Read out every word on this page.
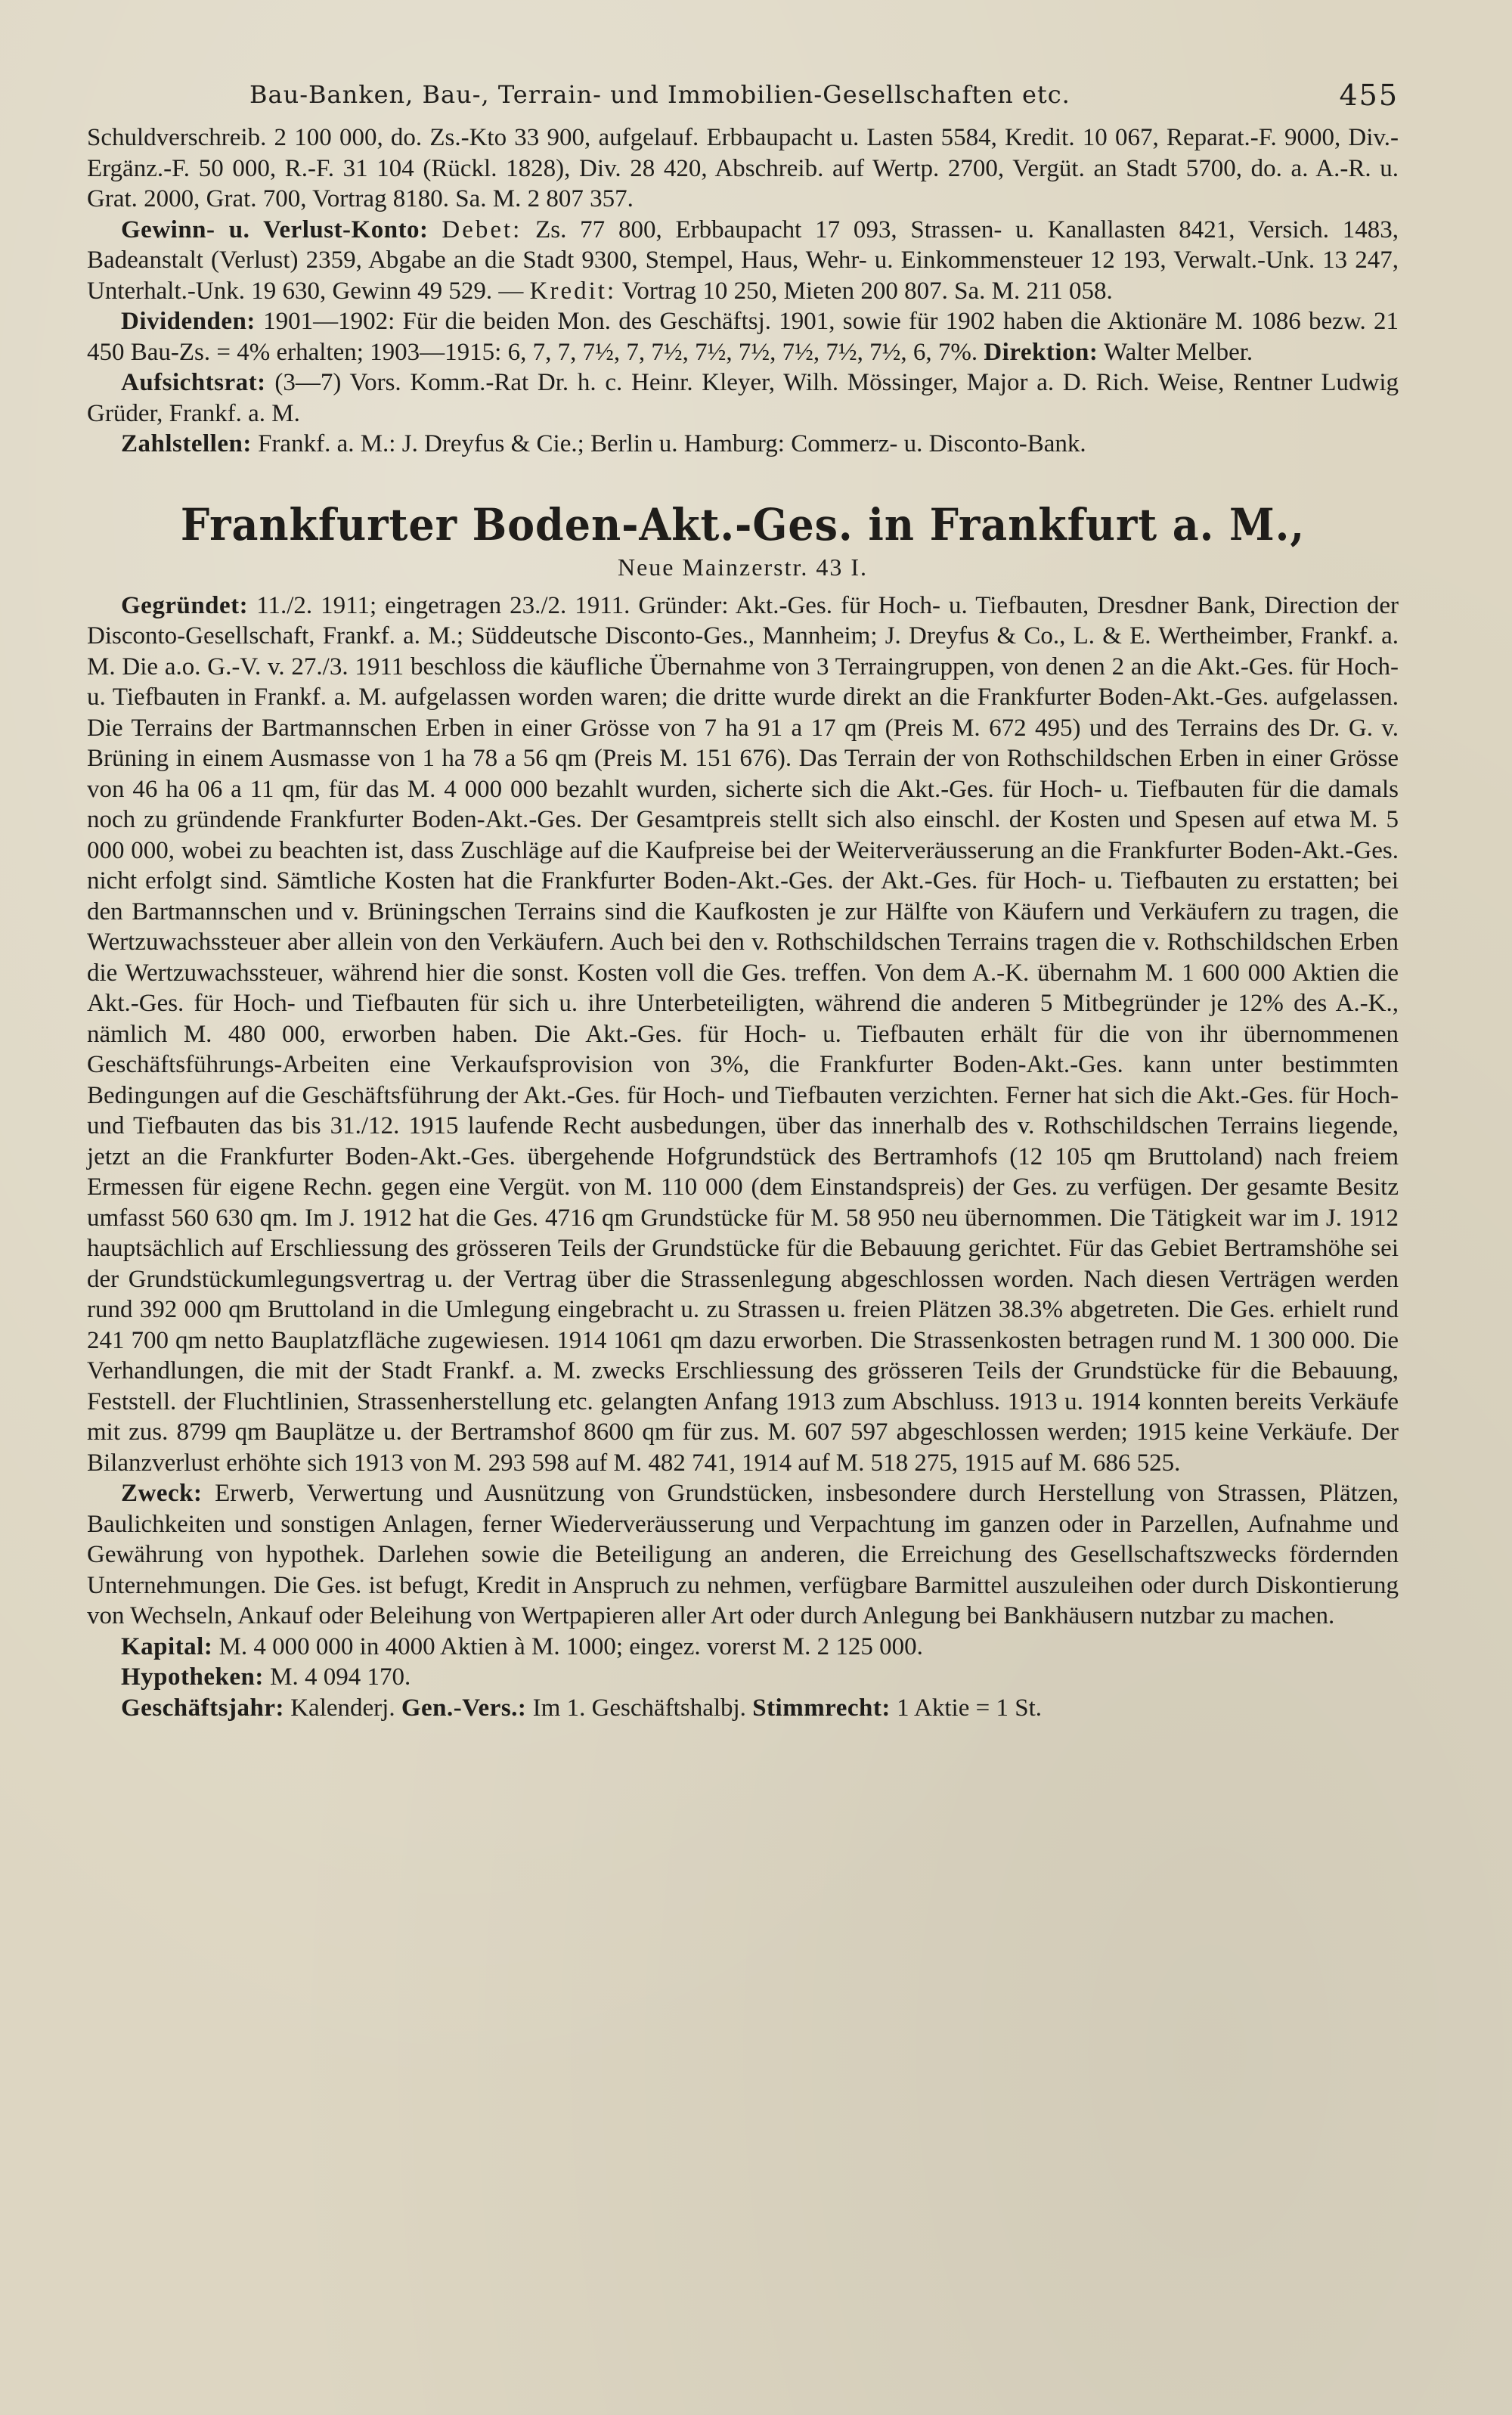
Bau-Banken, Bau-, Terrain- und Immobilien-Gesellschaften etc.	455

Schuldverschreib. 2 100 000, do. Zs.-Kto 33 900, aufgelauf. Erbbaupacht u. Lasten 5584, Kredit. 10 067, Reparat.-F. 9000, Div.-Ergänz.-F. 50 000, R.-F. 31 104 (Rückl. 1828), Div. 28 420, Abschreib. auf Wertp. 2700, Vergüt. an Stadt 5700, do. a. A.-R. u. Grat. 2000, Grat. 700, Vortrag 8180. Sa. M. 2 807 357.

Gewinn- u. Verlust-Konto: Debet: Zs. 77 800, Erbbaupacht 17 093, Strassen- u. Kanallasten 8421, Versich. 1483, Badeanstalt (Verlust) 2359, Abgabe an die Stadt 9300, Stempel, Haus, Wehr- u. Einkommensteuer 12 193, Verwalt.-Unk. 13 247, Unterhalt.-Unk. 19 630, Gewinn 49 529. — Kredit: Vortrag 10 250, Mieten 200 807. Sa. M. 211 058.

Dividenden: 1901—1902: Für die beiden Mon. des Geschäftsj. 1901, sowie für 1902 haben die Aktionäre M. 1086 bezw. 21 450 Bau-Zs. = 4% erhalten; 1903—1915: 6, 7, 7, 7½, 7, 7½, 7½, 7½, 7½, 7½, 7½, 6, 7%. Direktion: Walter Melber.

Aufsichtsrat: (3—7) Vors. Komm.-Rat Dr. h. c. Heinr. Kleyer, Wilh. Mössinger, Major a. D. Rich. Weise, Rentner Ludwig Grüder, Frankf. a. M.

Zahlstellen: Frankf. a. M.: J. Dreyfus & Cie.; Berlin u. Hamburg: Commerz- u. Disconto-Bank.

Frankfurter Boden-Akt.-Ges. in Frankfurt a. M.,
Neue Mainzerstr. 43 I.

Gegründet: 11./2. 1911; eingetragen 23./2. 1911. Gründer: Akt.-Ges. für Hoch- u. Tiefbauten, Dresdner Bank, Direction der Disconto-Gesellschaft, Frankf. a. M.; Süddeutsche Disconto-Ges., Mannheim; J. Dreyfus & Co., L. & E. Wertheimber, Frankf. a. M. Die a.o. G.-V. v. 27./3. 1911 beschloss die käufliche Übernahme von 3 Terraingruppen, von denen 2 an die Akt.-Ges. für Hoch- u. Tiefbauten in Frankf. a. M. aufgelassen worden waren; die dritte wurde direkt an die Frankfurter Boden-Akt.-Ges. aufgelassen. Die Terrains der Bartmannschen Erben in einer Grösse von 7 ha 91 a 17 qm (Preis M. 672 495) und des Terrains des Dr. G. v. Brüning in einem Ausmasse von 1 ha 78 a 56 qm (Preis M. 151 676). Das Terrain der von Rothschildschen Erben in einer Grösse von 46 ha 06 a 11 qm, für das M. 4 000 000 bezahlt wurden, sicherte sich die Akt.-Ges. für Hoch- u. Tiefbauten für die damals noch zu gründende Frankfurter Boden-Akt.-Ges. Der Gesamtpreis stellt sich also einschl. der Kosten und Spesen auf etwa M. 5 000 000, wobei zu beachten ist, dass Zuschläge auf die Kaufpreise bei der Weiterveräusserung an die Frankfurter Boden-Akt.-Ges. nicht erfolgt sind. Sämtliche Kosten hat die Frankfurter Boden-Akt.-Ges. der Akt.-Ges. für Hoch- u. Tiefbauten zu erstatten; bei den Bartmannschen und v. Brüningschen Terrains sind die Kaufkosten je zur Hälfte von Käufern und Verkäufern zu tragen, die Wertzuwachssteuer aber allein von den Verkäufern. Auch bei den v. Rothschildschen Terrains tragen die v. Rothschildschen Erben die Wertzuwachssteuer, während hier die sonst. Kosten voll die Ges. treffen. Von dem A.-K. übernahm M. 1 600 000 Aktien die Akt.-Ges. für Hoch- und Tiefbauten für sich u. ihre Unterbeteiligten, während die anderen 5 Mitbegründer je 12% des A.-K., nämlich M. 480 000, erworben haben. Die Akt.-Ges. für Hoch- u. Tiefbauten erhält für die von ihr übernommenen Geschäftsführungs-Arbeiten eine Verkaufsprovision von 3%, die Frankfurter Boden-Akt.-Ges. kann unter bestimmten Bedingungen auf die Geschäftsführung der Akt.-Ges. für Hoch- und Tiefbauten verzichten. Ferner hat sich die Akt.-Ges. für Hoch- und Tiefbauten das bis 31./12. 1915 laufende Recht ausbedungen, über das innerhalb des v. Rothschildschen Terrains liegende, jetzt an die Frankfurter Boden-Akt.-Ges. übergehende Hofgrundstück des Bertramhofs (12 105 qm Bruttoland) nach freiem Ermessen für eigene Rechn. gegen eine Vergüt. von M. 110 000 (dem Einstandspreis) der Ges. zu verfügen. Der gesamte Besitz umfasst 560 630 qm. Im J. 1912 hat die Ges. 4716 qm Grundstücke für M. 58 950 neu übernommen. Die Tätigkeit war im J. 1912 hauptsächlich auf Erschliessung des grösseren Teils der Grundstücke für die Bebauung gerichtet. Für das Gebiet Bertramshöhe sei der Grundstückumlegungsvertrag u. der Vertrag über die Strassenlegung abgeschlossen worden. Nach diesen Verträgen werden rund 392 000 qm Bruttoland in die Umlegung eingebracht u. zu Strassen u. freien Plätzen 38.3% abgetreten. Die Ges. erhielt rund 241 700 qm netto Bauplatzfläche zugewiesen. 1914 1061 qm dazu erworben. Die Strassenkosten betragen rund M. 1 300 000. Die Verhandlungen, die mit der Stadt Frankf. a. M. zwecks Erschliessung des grösseren Teils der Grundstücke für die Bebauung, Feststell. der Fluchtlinien, Strassenherstellung etc. gelangten Anfang 1913 zum Abschluss. 1913 u. 1914 konnten bereits Verkäufe mit zus. 8799 qm Bauplätze u. der Bertramshof 8600 qm für zus. M. 607 597 abgeschlossen werden; 1915 keine Verkäufe. Der Bilanzverlust erhöhte sich 1913 von M. 293 598 auf M. 482 741, 1914 auf M. 518 275, 1915 auf M. 686 525.

Zweck: Erwerb, Verwertung und Ausnützung von Grundstücken, insbesondere durch Herstellung von Strassen, Plätzen, Baulichkeiten und sonstigen Anlagen, ferner Wiederveräusserung und Verpachtung im ganzen oder in Parzellen, Aufnahme und Gewährung von hypothek. Darlehen sowie die Beteiligung an anderen, die Erreichung des Gesellschaftszwecks fördernden Unternehmungen. Die Ges. ist befugt, Kredit in Anspruch zu nehmen, verfügbare Barmittel auszuleihen oder durch Diskontierung von Wechseln, Ankauf oder Beleihung von Wertpapieren aller Art oder durch Anlegung bei Bankhäusern nutzbar zu machen.

Kapital: M. 4 000 000 in 4000 Aktien à M. 1000; eingez. vorerst M. 2 125 000.

Hypotheken: M. 4 094 170.

Geschäftsjahr: Kalenderj. Gen.-Vers.: Im 1. Geschäftshalbj. Stimmrecht: 1 Aktie = 1 St.
